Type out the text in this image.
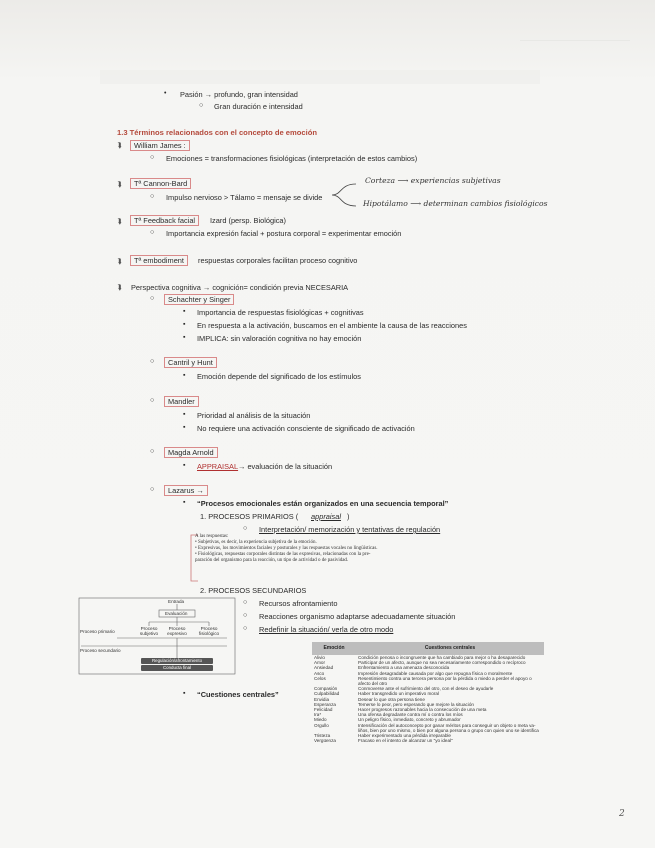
• Pasión → profundo, gran intensidad
○ Gran duración e intensidad
1.3 Términos relacionados con el concepto de emoción
⮯	William James :
○ Emociones = transformaciones fisiológicas (interpretación de estos cambios)
⮯	Tª Cannon-Bard
○ Impulso nervioso > Tálamo = mensaje se divide
Corteza ⟶ experiencias subjetivas
Hipotálamo ⟶ determinan cambios fisiológicos
⮯	Tª Feedback facial	Izard (persp. Biológica)
○ Importancia expresión facial + postura corporal = experimentar emoción
⮯	Tª embodiment	respuestas corporales facilitan proceso cognitivo
⮯ Perspectiva cognitiva → cognición= condición previa NECESARIA
○	Schachter y Singer
▪ Importancia de respuestas fisiológicas + cognitivas
▪ En respuesta a la activación, buscamos en el ambiente la causa de las reacciones
▪ IMPLICA: sin valoración cognitiva no hay emoción
○	Cantril y Hunt
▪ Emoción depende del significado de los estímulos
○	Mandler
▪ Prioridad al análisis de la situación
▪ No requiere una activación consciente de significado de activación
○	Magda Arnold
▪ APPRAISAL → evaluación de la situación
○	Lazarus →
▪ “Procesos emocionales están organizados en una secuencia temporal”
1. PROCESOS PRIMARIOS ( appraisal )
○ Interpretación/ memorización y tentativas de regulación
A las respuestas:
• Subjetivas, es decir, la experiencia subjetiva de la emoción.
• Expresivas, los movimientos faciales y posturales y las respuestas vocales no lingüísticas.
• Fisiológicas, respuestas corporales distintas de las expresivas, relacionadas con la pre-
paración del organismo para la reacción, un tipo de actividad o de pasividad.
2. PROCESOS SECUNDARIOS
○ Recursos afrontamiento
○ Reacciones organismo adaptarse adecuadamente situación
○ Redefinir la situación/ verla de otro modo
Entrada
Evaluación
Proceso primario
Proceso subjetivo
Proceso expresivo
Proceso fisiológico
Proceso secundario
Regulación/afrontamiento
Conducta final
▪ “Cuestiones centrales”
Emoción	Cuestiones centrales
Alivio	Condición penosa o incongruente que ha cambiado para mejor o ha desaparecido
Amor	Participar de un afecto, aunque no sea necesariamente correspondido o recíproco
Ansiedad	Enfrentamiento a una amenaza desconocida
Asco	Impresión desagradable causada por algo que repugna física o moralmente
Celos	Resentimiento contra una tercera persona por la pérdida o miedo a perder el apoyo o
	afecto del otro
Compasión	Conmoverse ante el sufrimiento del otro, con el deseo de ayudarle
Culpabilidad	Haber transgredido un imperativo moral
Envidia	Desear lo que otra persona tiene
Esperanza	Temerse lo peor, pero esperando que mejore la situación
Felicidad	Hacer progresos razonables hacia la consecución de una meta
Ira*	Una ofensa degradante contra mí o contra los míos
Miedo	Un peligro físico, inmediato, concreto y abrumador
Orgullo	Intensificación del autoconcepto por ganar méritos para conseguir un objeto o meta va-
	liños, bien por uno mismo, o bien por alguna persona o grupo con quien uno se identifica
Tristeza	Haber experimentado una pérdida irreparable
Vergüenza	Fracaso en el intento de alcanzar un "yo ideal"
2
